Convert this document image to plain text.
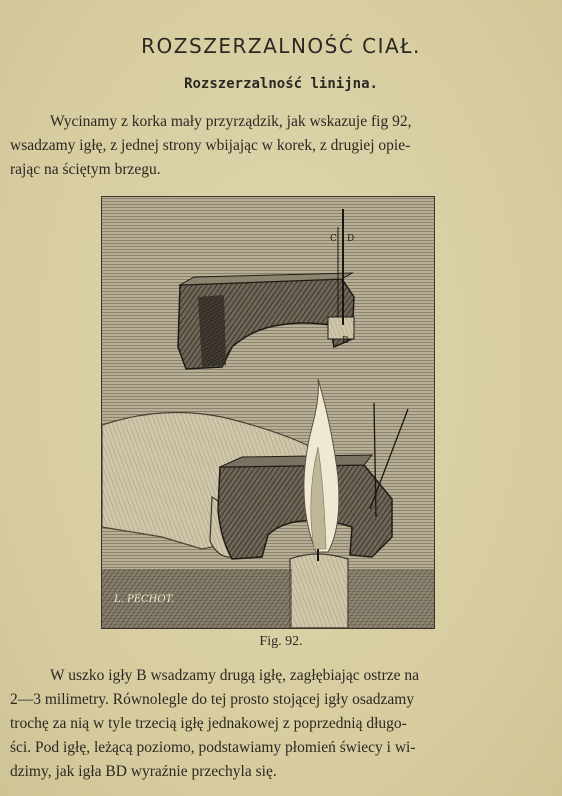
ROZSZERZALNOŚĆ CIAŁ.
Rozszerzalność linijna.
Wycinamy z korka mały przyrządzik, jak wskazuje fig 92,
wsadzamy igłę, z jednej strony wbijając w korek, z drugiej opie-
rając na ściętym brzegu.
C D
B
L. PÉCHOT.
Fig. 92.
W uszko igły B wsadzamy drugą igłę, zagłębiając ostrze na
2—3 milimetry. Równolegle do tej prosto stojącej igły osadzamy
trochę za nią w tyle trzecią igłę jednakowej z poprzednią długo-
ści. Pod igłę, leżącą poziomo, podstawiamy płomień świecy i wi-
dzimy, jak igła BD wyraźnie przechyla się.
